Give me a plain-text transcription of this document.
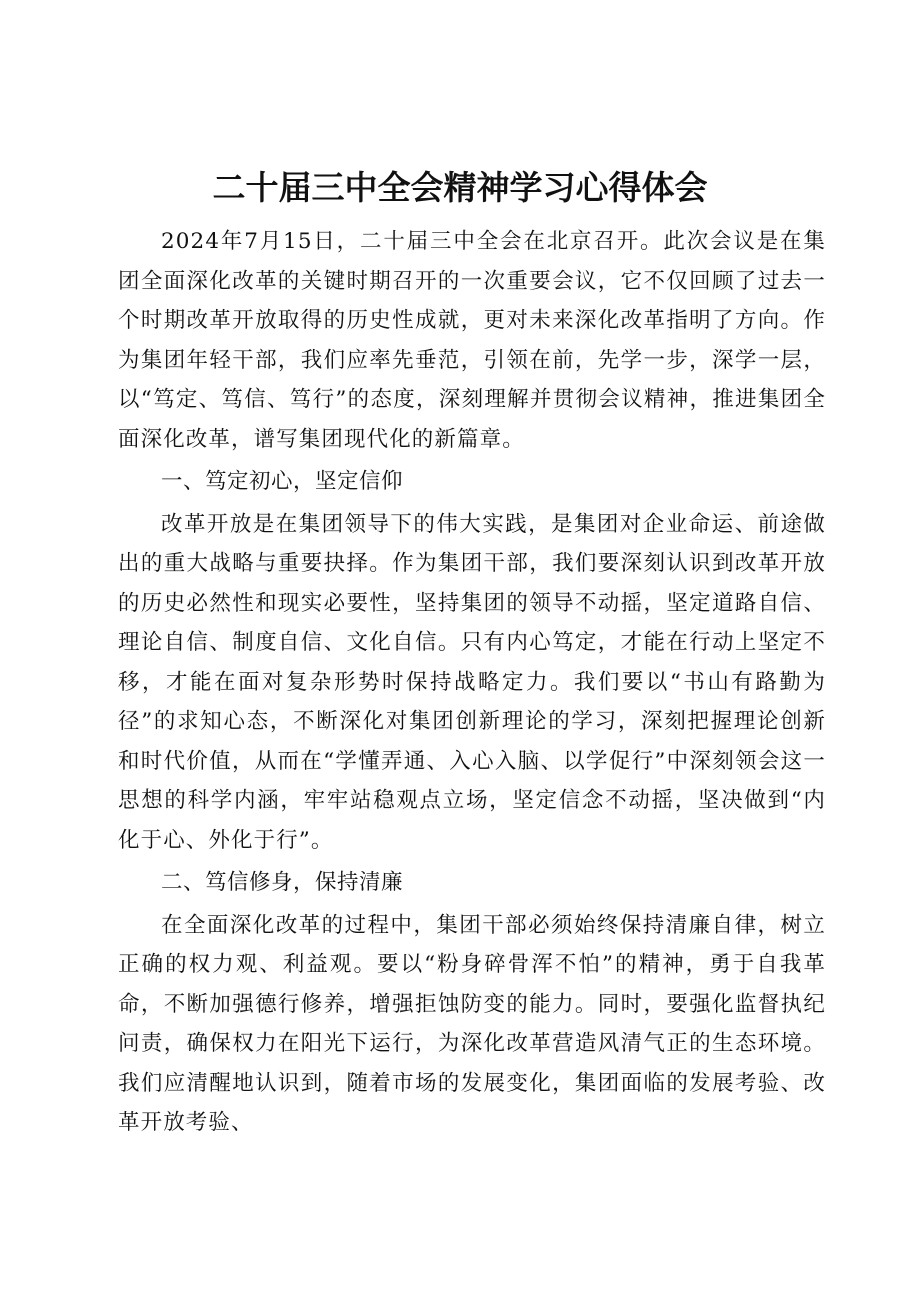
二十届三中全会精神学习心得体会

2024年7月15日，二十届三中全会在北京召开。此次会议是在集团全面深化改革的关键时期召开的一次重要会议，它不仅回顾了过去一个时期改革开放取得的历史性成就，更对未来深化改革指明了方向。作为集团年轻干部，我们应率先垂范，引领在前，先学一步，深学一层，以“笃定、笃信、笃行”的态度，深刻理解并贯彻会议精神，推进集团全面深化改革，谱写集团现代化的新篇章。

一、笃定初心，坚定信仰

改革开放是在集团领导下的伟大实践，是集团对企业命运、前途做出的重大战略与重要抉择。作为集团干部，我们要深刻认识到改革开放的历史必然性和现实必要性，坚持集团的领导不动摇，坚定道路自信、理论自信、制度自信、文化自信。只有内心笃定，才能在行动上坚定不移，才能在面对复杂形势时保持战略定力。我们要以“书山有路勤为径”的求知心态，不断深化对集团创新理论的学习，深刻把握理论创新和时代价值，从而在“学懂弄通、入心入脑、以学促行”中深刻领会这一思想的科学内涵，牢牢站稳观点立场，坚定信念不动摇，坚决做到“内化于心、外化于行”。

二、笃信修身，保持清廉

在全面深化改革的过程中，集团干部必须始终保持清廉自律，树立正确的权力观、利益观。要以“粉身碎骨浑不怕”的精神，勇于自我革命，不断加强德行修养，增强拒蚀防变的能力。同时，要强化监督执纪问责，确保权力在阳光下运行，为深化改革营造风清气正的生态环境。我们应清醒地认识到，随着市场的发展变化，集团面临的发展考验、改革开放考验、
